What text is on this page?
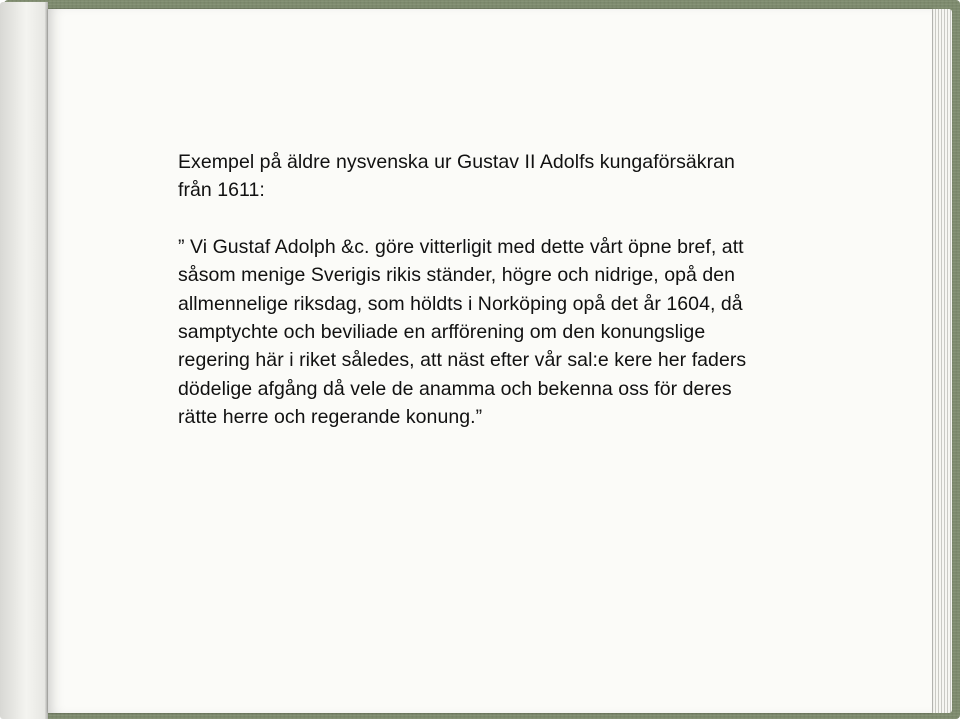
Exempel på äldre nysvenska ur Gustav II Adolfs kungaförsäkran
från 1611:
” Vi Gustaf Adolph &c. göre vitterligit med dette vårt öpne bref, att
såsom menige Sverigis rikis ständer, högre och nidrige, opå den
allmennelige riksdag, som höldts i Norköping opå det år 1604, då
samptychte och beviliade en arfförening om den konungslige
regering här i riket således, att näst efter vår sal:e kere her faders
dödelige afgång då vele de anamma och bekenna oss för deres
rätte herre och regerande konung.”
